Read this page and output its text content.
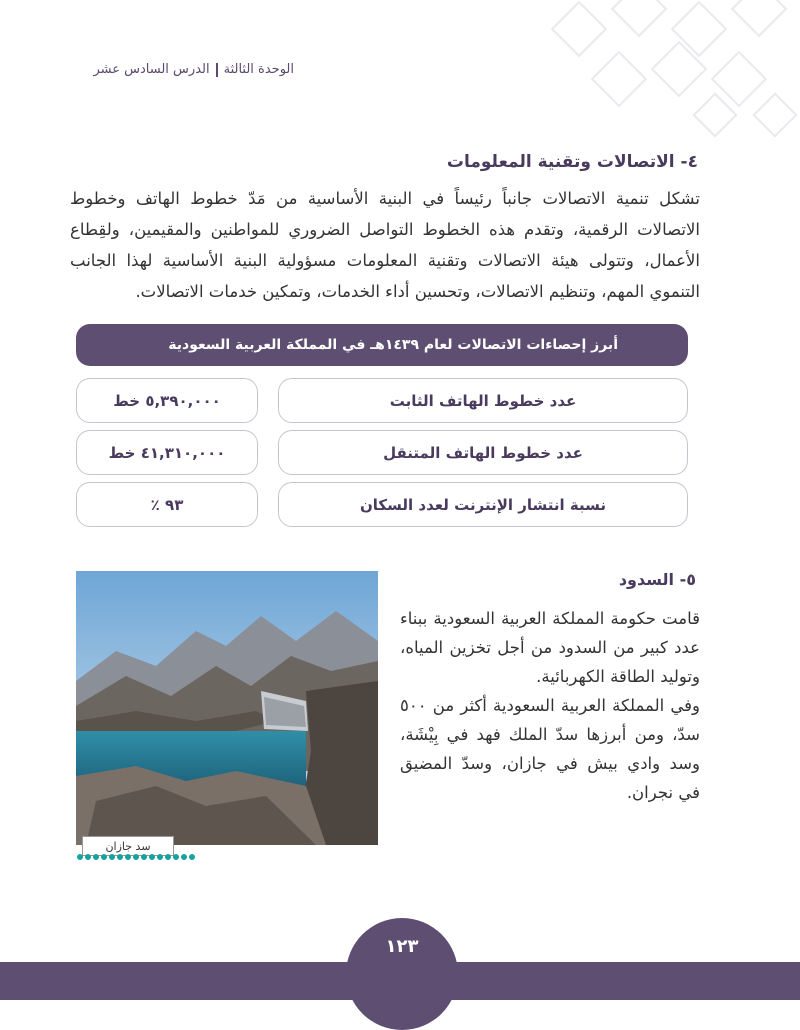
الوحدة الثالثةالدرس السادس عشر
٤- الاتصالات وتقنية المعلومات
تشكل تنمية الاتصالات جانباً رئيساً في البنية الأساسية من مَدّ خطوط الهاتف وخطوط الاتصالات الرقمية، وتقدم هذه الخطوط التواصل الضروري للمواطنين والمقيمين، ولقِطاع الأعمال، وتتولى هيئة الاتصالات وتقنية المعلومات مسؤولية البنية الأساسية لهذا الجانب التنموي المهم، وتنظيم الاتصالات، وتحسين أداء الخدمات، وتمكين خدمات الاتصالات.
أبرز إحصاءات الاتصالات لعام ١٤٣٩هـ في المملكة العربية السعودية
عدد خطوط الهاتف الثابت
٥,٣٩٠,٠٠٠ خط
عدد خطوط الهاتف المتنقل
٤١,٣١٠,٠٠٠ خط
نسبة انتشار الإنترنت لعدد السكان
٩٣ ٪
٥- السدود
قامت حكومة المملكة العربية السعودية ببناء عدد كبير من السدود من أجل تخزين المياه، وتوليد الطاقة الكهربائية.
وفي المملكة العربية السعودية أكثر من ٥٠٠ سدّ، ومن أبرزها سدّ الملك فهد في بِيْشَة، وسد وادي بيش في جازان، وسدّ المضيق في نجران.
سد جازان
١٢٣
